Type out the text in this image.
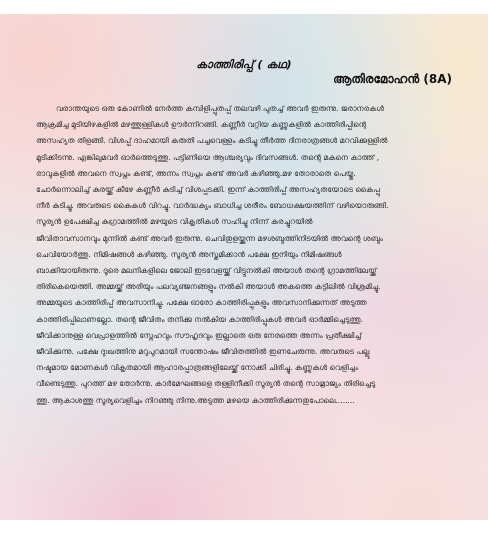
കാത്തിരിപ്പ് ( കഥ)
ആതിരമോഹൻ (8A)
വരാന്തയുടെ ഒരു കോണിൽ നേർത്ത കമ്പിളിപ്പുതപ്പ് തലവഴി പുതച്ച് അവർ ഇരുന്നു. ജരാനരകൾ
ആക്രമിച്ച മുടിയിഴകളിൽ മഴത്തുള്ളികൾ ഊർന്നിറങ്ങി. കണ്ണീർ വറ്റിയ കണ്ണുകളിൽ കാത്തിരിപ്പിന്റെ
അസഹ്യത തിളങ്ങി. വിശപ്പ് ദാഹമായി കരുതി പച്ചവെള്ളം കുടിച്ചു തീർത്ത ദിനരാത്രങ്ങൾ മറവിക്കുള്ളിൽ
മൂടിക്കിടന്നു. എങ്കിലുമവർ ഓർത്തെടുത്തു. പട്ടിണിയെ ആശ്ചര്യവും ദിവസങ്ങൾ. തന്റെ മകനെ കാത്ത് ,
രാവുകളിൽ അവനെ സ്വപ്നം കണ്ട്, അന്നം സ്വപ്നം കണ്ട് അവർ കഴിഞ്ഞു.മഴ തോരാതെ പെയ്തു.
ചോർന്നൊലിച്ച് കുരയ്ക്ക് കീഴേ കണ്ണീർ കുടിച്ച് വിശപ്പടക്കി. ഇന്ന് കാത്തിരിപ്പ് അസഹ്യതയോടെ കൈപ്പു
നീർ കുടിച്ചു. അവരുടെ കൈകൾ വിറച്ചു. വാർദ്ധക്യം ബാധിച്ച ശരീരം ബോധക്ഷയത്തിന് വഴിയൊരുങ്ങി.
സൂര്യൻ ഉപേക്ഷിച്ച കുഗ്രാമത്തിൽ മഴയുടെ വികൃതികൾ സഹിച്ചു നിന്ന് കുരച്ചുറയിൽ
ജീവിതാവസാനവും മുന്നിൽ കണ്ട് അവർ ഇരുന്നു. ചെവിതുളയ്ക്കുന്ന മഴശബ്ദത്തിനിടയിൽ അവന്റെ ശബ്ദം
ചെവിയോർത്തു. നിമിഷങ്ങൾ കഴിഞ്ഞു. സൂര്യൻ അസ്തമിക്കാൻ പക്ഷേ ഇനിയും നിമിഷങ്ങൾ
ബാക്കിയായിരുന്നു. ദൂരെ മലനികളിലെ ജോലി ഇടവേളയ്ക്ക് വിട്ടുനൽകി അയാൾ തന്റെ ഗ്രാമത്തിലേയ്ക്ക്
തിരികെയെത്തി. അമ്മയ്ക്ക് അരിയും പലവ്യഞ്ജനങ്ങളും നൽകി അയാൾ അകത്തെ കട്ടിലിൽ വിശ്രമിച്ചു.
അമ്മയുടെ കാത്തിരിപ്പ് അവസാനിച്ചു. പക്ഷേ ഓരോ കാത്തിരിപ്പുകളും അവസാനിക്കുന്നത് അടുത്ത
കാത്തിരിപ്പിലാണല്ലോ. തന്റെ ജീവിതം തനിക്കു നൽകിയ കാത്തിരിപ്പുകൾ അവർ ഓർമ്മിച്ചെടുത്തു.
ജീവിക്കാനുള്ള വെപ്രാളത്തിൽ സ്നേഹവും സൗഹൃദവും ഇല്ലാതെ ഒരു നേരത്തെ അന്നം പ്രതീക്ഷിച്ച്
ജീവിക്കുന്നു. പക്ഷേ ദുഃഖത്തിനു മറുപുറമായി സന്തോഷം ജീവിതത്തിൽ ഇണചേരുന്നു. അവരുടെ പല്ലു
നഷ്ടമായ മോണകൾ വികൃതമായി ആഹാരപ്പാത്രങ്ങളിലേയ്ക്ക് നോക്കി ചിരിച്ചു. കണ്ണുകൾ വെളിച്ചം
വീണ്ടെടുത്തു. പുറത്ത് മഴ തോർന്നു. കാർമേഘങ്ങളെ തള്ളിനീക്കി സൂര്യൻ തന്റെ സാമ്രാജ്യം തിരിച്ചെടു
ത്തു. ആകാശത്തു സൂര്യവെളിച്ചം നിറഞ്ഞു നിന്നു.അടുത്ത മഴയെ കാത്തിരിക്കുന്നതുപോലെ........
